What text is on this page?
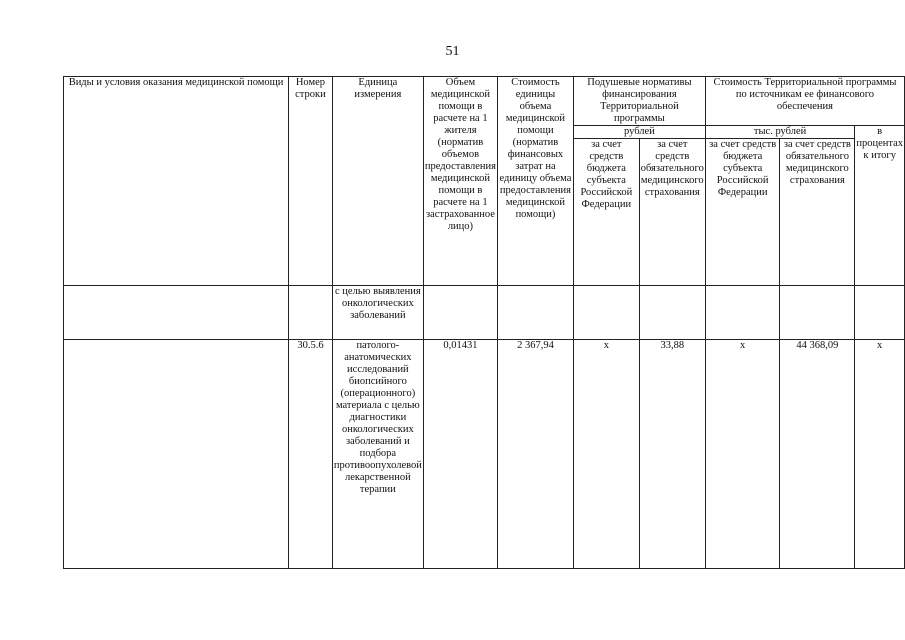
51
Виды и условия оказания медицинской помощи	Номер строки	Единица измерения	Объем медицинской помощи в расчете на 1 жителя (норматив объемов предоставления медицинской помощи в расчете на 1 застрахованное лицо)	Стоимость единицы объема медицинской помощи (норматив финансовых затрат на единицу объема предоставления медицинской помощи)	Подушевые нормативы финансирования Территориальной программы		Стоимость Территориальной программы по источникам ее финансового обеспечения		
					рублей		тыс. рублей		в процентах к итогу
					за счет средств бюджета субъекта Российской Федерации	за счет средств обязательного медицинского страхования	за счет средств бюджета субъекта Российской Федерации	за счет средств обязательного медицинского страхования	
		с целью выявления онкологических заболеваний							
	30.5.6	патолого-анатомических исследований биопсийного (операционного) материала с целью диагностики онкологических заболеваний и подбора противоопухолевой лекарственной терапии	0,01431	2 367,94	х	33,88	х	44 368,09	х
